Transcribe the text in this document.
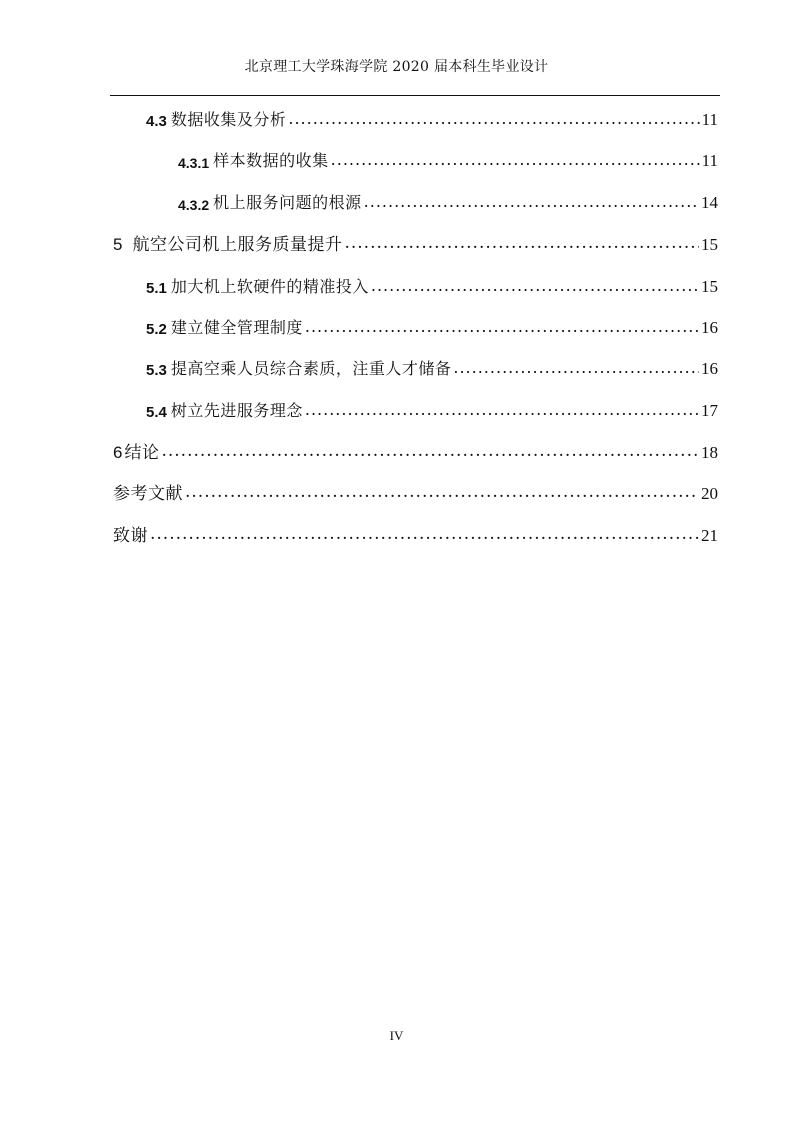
北京理工大学珠海学院 2020 届本科生毕业设计
4.3 数据收集及分析 .....	11
4.3.1 样本数据的收集 .....	11
4.3.2 机上服务问题的根源 .....	14
5 航空公司机上服务质量提升 .....	15
5.1 加大机上软硬件的精准投入 .....	15
5.2 建立健全管理制度 .....	16
5.3 提高空乘人员综合素质，注重人才储备 .....	16
5.4 树立先进服务理念 .....	17
6 结论 .....	18
参考文献 .....	20
致谢 .....	21
IV
